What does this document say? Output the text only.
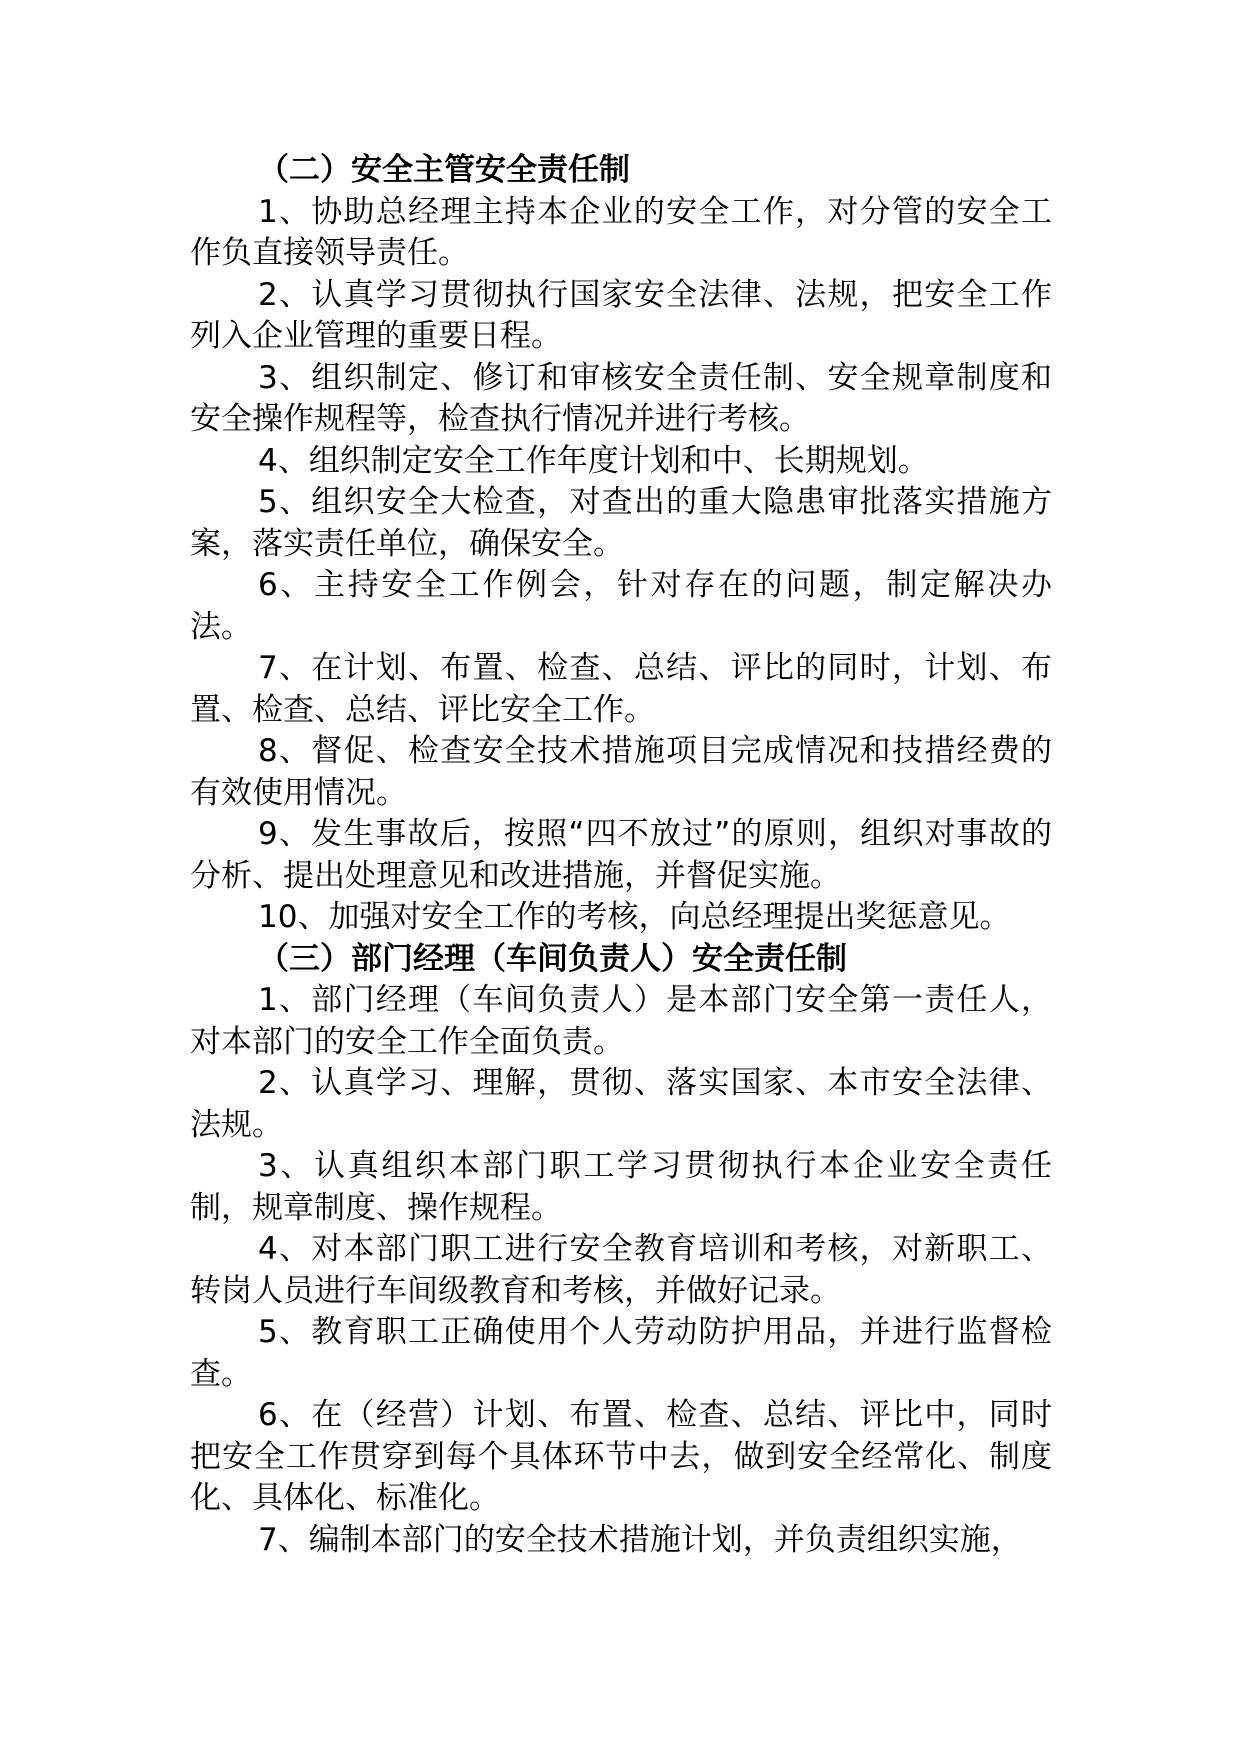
（二）安全主管安全责任制

1、协助总经理主持本企业的安全工作，对分管的安全工作负直接领导责任。

2、认真学习贯彻执行国家安全法律、法规，把安全工作列入企业管理的重要日程。

3、组织制定、修订和审核安全责任制、安全规章制度和安全操作规程等，检查执行情况并进行考核。

4、组织制定安全工作年度计划和中、长期规划。

5、组织安全大检查，对查出的重大隐患审批落实措施方案，落实责任单位，确保安全。

6、主持安全工作例会，针对存在的问题，制定解决办法。

7、在计划、布置、检查、总结、评比的同时，计划、布置、检查、总结、评比安全工作。

8、督促、检查安全技术措施项目完成情况和技措经费的有效使用情况。

9、发生事故后，按照“四不放过”的原则，组织对事故的分析、提出处理意见和改进措施，并督促实施。

10、加强对安全工作的考核，向总经理提出奖惩意见。

（三）部门经理（车间负责人）安全责任制

1、部门经理（车间负责人）是本部门安全第一责任人，对本部门的安全工作全面负责。

2、认真学习、理解，贯彻、落实国家、本市安全法律、法规。

3、认真组织本部门职工学习贯彻执行本企业安全责任制，规章制度、操作规程。

4、对本部门职工进行安全教育培训和考核，对新职工、转岗人员进行车间级教育和考核，并做好记录。

5、教育职工正确使用个人劳动防护用品，并进行监督检查。

6、在（经营）计划、布置、检查、总结、评比中，同时把安全工作贯穿到每个具体环节中去，做到安全经常化、制度化、具体化、标准化。

7、编制本部门的安全技术措施计划，并负责组织实施，
